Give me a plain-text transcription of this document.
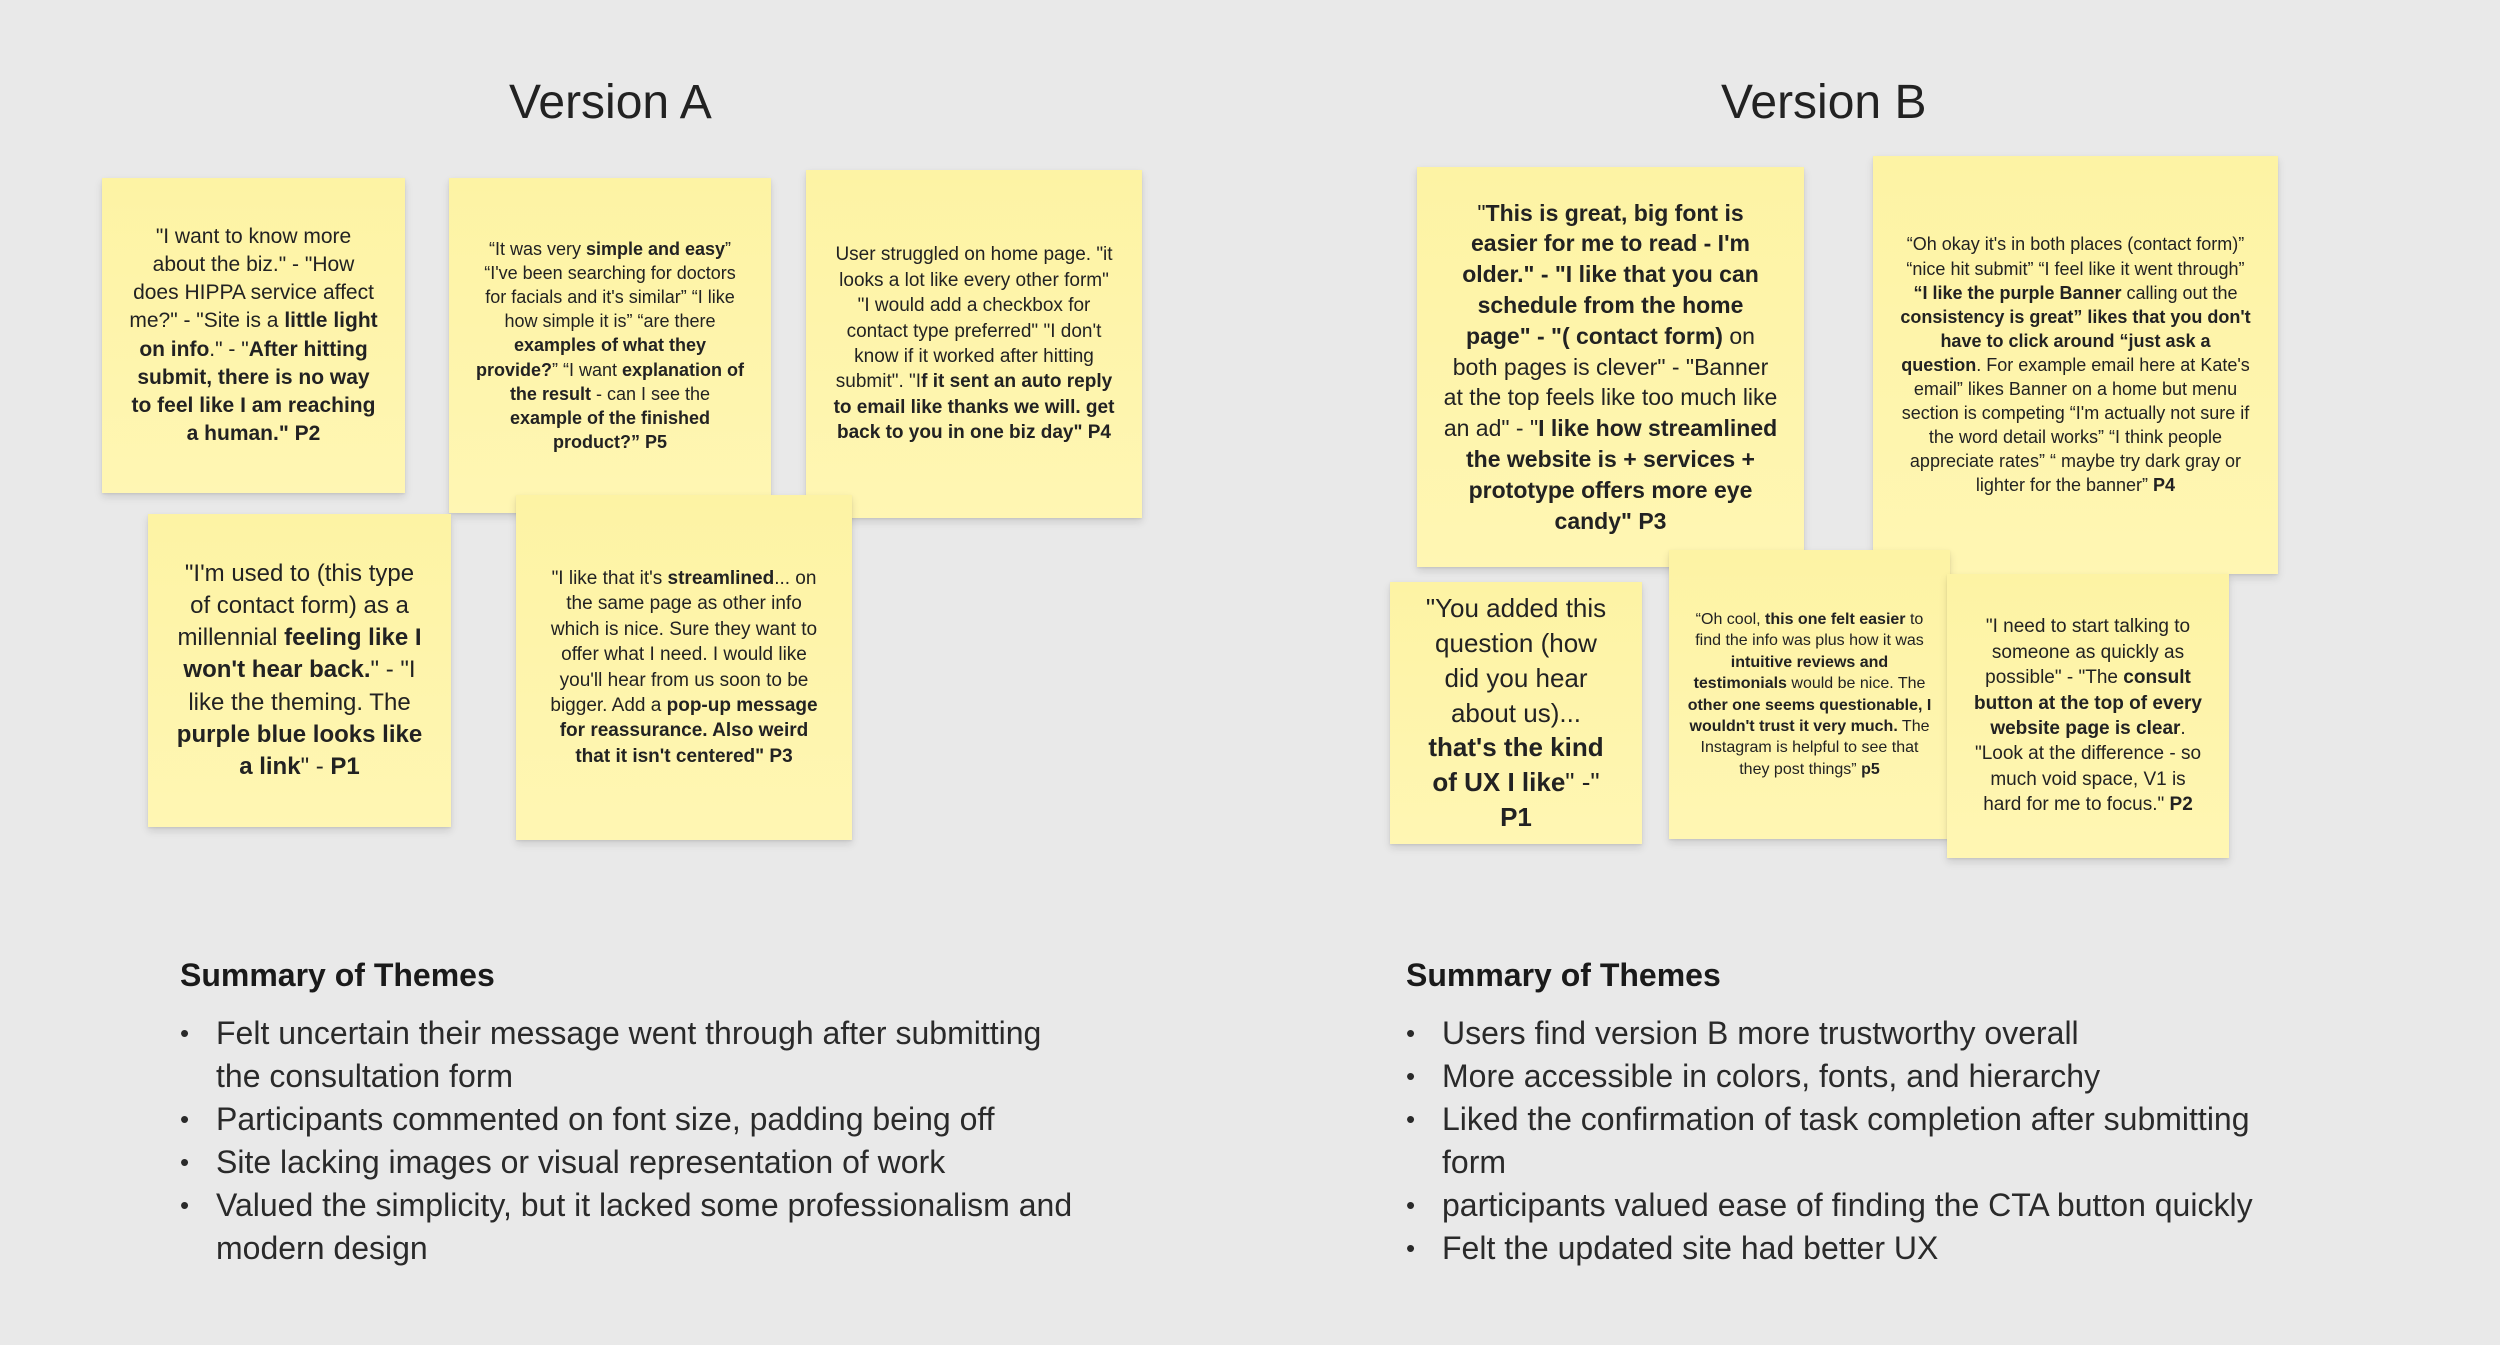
Version A	Version B

"I want to know more about the biz." - "How does HIPPA service affect me?" - "Site is a little light on info." - "After hitting submit, there is no way to feel like I am reaching a human." P2

“It was very simple and easy” “I've been searching for doctors for facials and it's similar” “I like how simple it is” “are there examples of what they provide?” “I want explanation of the result - can I see the example of the finished product?” P5

User struggled on home page. "it looks a lot like every other form" "I would add a checkbox for contact type preferred" "I don't know if it worked after hitting submit". "If it sent an auto reply to email like thanks we will. get back to you in one biz day" P4

"I'm used to (this type of contact form) as a millennial feeling like I won't hear back." - "I like the theming. The purple blue looks like a link" - P1

"I like that it's streamlined... on the same page as other info which is nice. Sure they want to offer what I need. I would like you'll hear from us soon to be bigger. Add a pop-up message for reassurance. Also weird that it isn't centered" P3

"This is great, big font is easier for me to read - I'm older." - "I like that you can schedule from the home page" - "( contact form) on both pages is clever" - "Banner at the top feels like too much like an ad" - "I like how streamlined the website is + services + prototype offers more eye candy" P3

“Oh okay it's in both places (contact form)” “nice hit submit” “I feel like it went through” “I like the purple Banner calling out the consistency is great” likes that you don't have to click around “just ask a question. For example email here at Kate's email” likes Banner on a home but menu section is competing “I'm actually not sure if the word detail works” “I think people appreciate rates” “ maybe try dark gray or lighter for the banner” P4

"You added this question (how did you hear about us)... that's the kind of UX I like" -" P1

“Oh cool, this one felt easier to find the info was plus how it was intuitive reviews and testimonials would be nice. The other one seems questionable, I wouldn't trust it very much. The Instagram is helpful to see that they post things” p5

"I need to start talking to someone as quickly as possible" - "The consult button at the top of every website page is clear. "Look at the difference - so much void space, V1 is hard for me to focus." P2

Summary of Themes
• Felt uncertain their message went through after submitting the consultation form
• Participants commented on font size, padding being off
• Site lacking images or visual representation of work
• Valued the simplicity, but it lacked some professionalism and modern design
Summary of Themes
• Users find version B more trustworthy overall
• More accessible in colors, fonts, and hierarchy
• Liked the confirmation of task completion after submitting form
• participants valued ease of finding the CTA button quickly
• Felt the updated site had better UX
